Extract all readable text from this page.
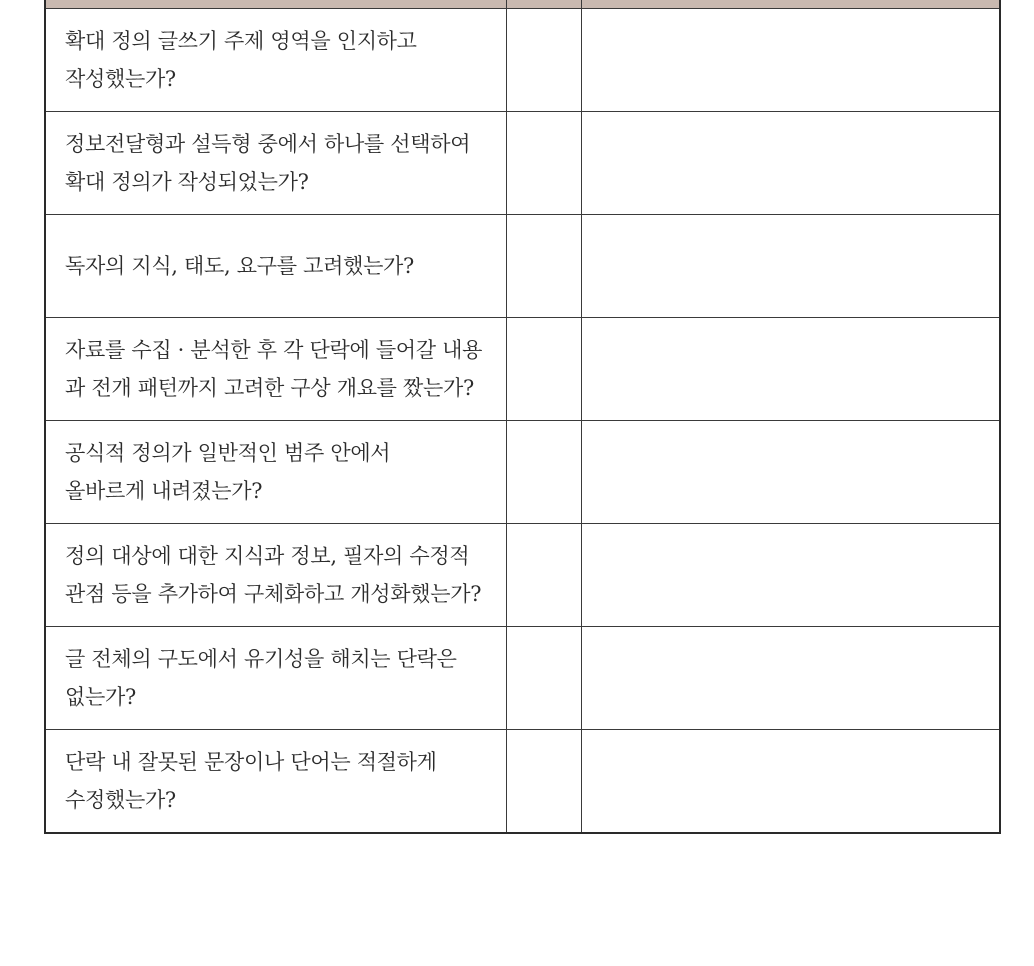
확대 정의 글쓰기 주제 영역을 인지하고
작성했는가?		

정보전달형과 설득형 중에서 하나를 선택하여
확대 정의가 작성되었는가?		

독자의 지식, 태도, 요구를 고려했는가?		

자료를 수집 · 분석한 후 각 단락에 들어갈 내용
과 전개 패턴까지 고려한 구상 개요를 짰는가?		

공식적 정의가 일반적인 범주 안에서
올바르게 내려졌는가?		

정의 대상에 대한 지식과 정보, 필자의 수정적
관점 등을 추가하여 구체화하고 개성화했는가?		

글 전체의 구도에서 유기성을 해치는 단락은
없는가?		

단락 내 잘못된 문장이나 단어는 적절하게
수정했는가?		
